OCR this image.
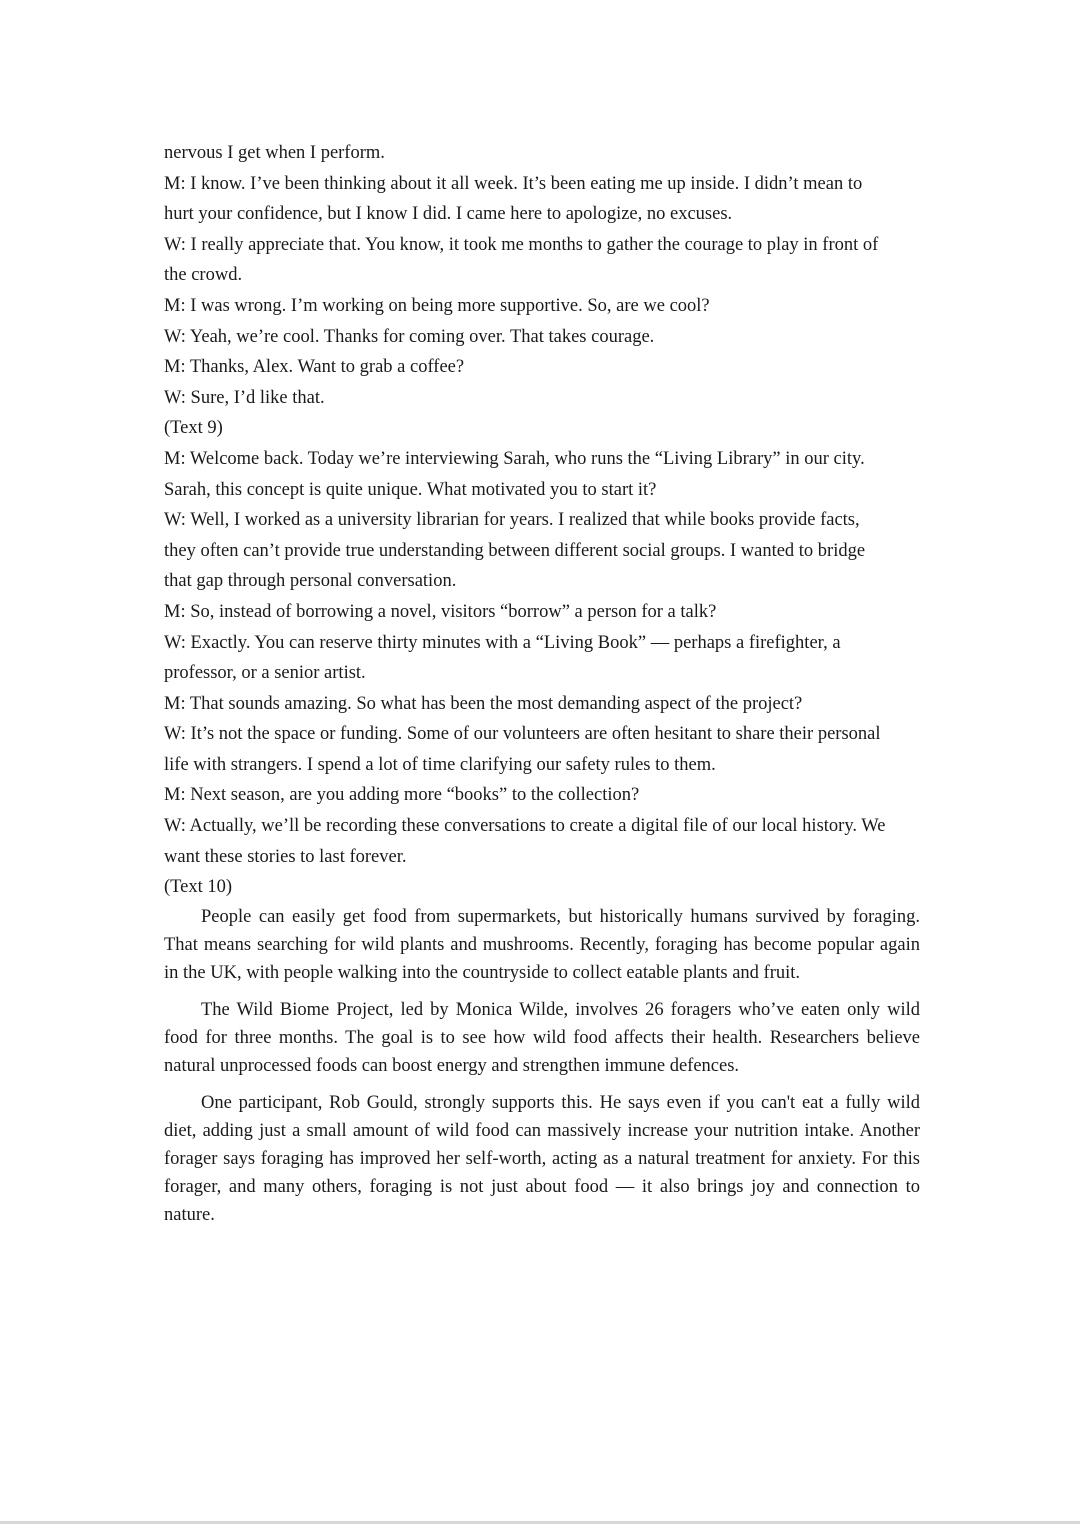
nervous I get when I perform.

M: I know. I’ve been thinking about it all week. It’s been eating me up inside. I didn’t mean to

hurt your confidence, but I know I did. I came here to apologize, no excuses.

W: I really appreciate that. You know, it took me months to gather the courage to play in front of

the crowd.

M: I was wrong. I’m working on being more supportive. So, are we cool?

W: Yeah, we’re cool. Thanks for coming over. That takes courage.

M: Thanks, Alex. Want to grab a coffee?

W: Sure, I’d like that.

(Text 9)

M: Welcome back. Today we’re interviewing Sarah, who runs the “Living Library” in our city.

Sarah, this concept is quite unique. What motivated you to start it?

W: Well, I worked as a university librarian for years. I realized that while books provide facts,

they often can’t provide true understanding between different social groups. I wanted to bridge

that gap through personal conversation.

M: So, instead of borrowing a novel, visitors “borrow” a person for a talk?

W: Exactly. You can reserve thirty minutes with a “Living Book” — perhaps a firefighter, a

professor, or a senior artist.

M: That sounds amazing. So what has been the most demanding aspect of the project?

W: It’s not the space or funding. Some of our volunteers are often hesitant to share their personal

life with strangers. I spend a lot of time clarifying our safety rules to them.

M: Next season, are you adding more “books” to the collection?

W: Actually, we’ll be recording these conversations to create a digital file of our local history. We

want these stories to last forever.

(Text 10)

People can easily get food from supermarkets, but historically humans survived by foraging. That means searching for wild plants and mushrooms. Recently, foraging has become popular again in the UK, with people walking into the countryside to collect eatable plants and fruit.

The Wild Biome Project, led by Monica Wilde, involves 26 foragers who’ve eaten only wild food for three months. The goal is to see how wild food affects their health. Researchers believe natural unprocessed foods can boost energy and strengthen immune defences.

One participant, Rob Gould, strongly supports this. He says even if you can't eat a fully wild diet, adding just a small amount of wild food can massively increase your nutrition intake. Another forager says foraging has improved her self-worth, acting as a natural treatment for anxiety. For this forager, and many others, foraging is not just about food — it also brings joy and connection to nature.
